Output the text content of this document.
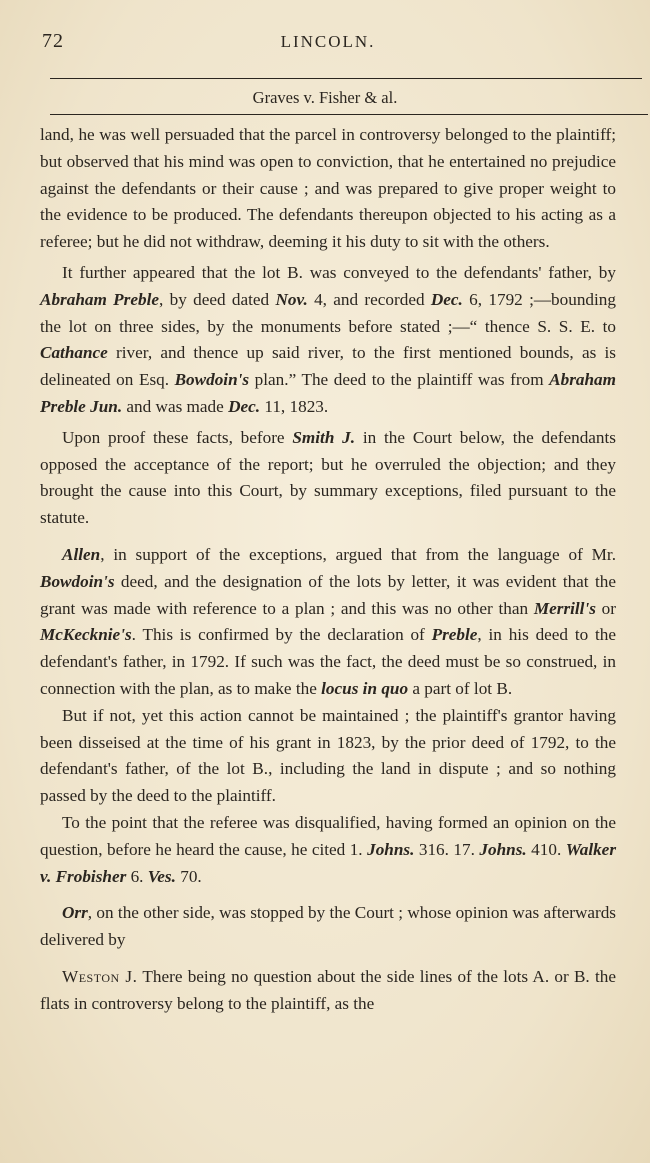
72	LINCOLN.
Graves v. Fisher & al.

land, he was well persuaded that the parcel in controversy belonged to the plaintiff; but observed that his mind was open to conviction, that he entertained no prejudice against the defendants or their cause ; and was prepared to give proper weight to the evidence to be produced. The defendants thereupon objected to his acting as a referee; but he did not withdraw, deeming it his duty to sit with the others.

It further appeared that the lot B. was conveyed to the defendants' father, by Abraham Preble, by deed dated Nov. 4, and recorded Dec. 6, 1792 ;—bounding the lot on three sides, by the monuments before stated ;—“ thence S. S. E. to Cathance river, and thence up said river, to the first mentioned bounds, as is delineated on Esq. Bowdoin's plan.” The deed to the plaintiff was from Abraham Preble Jun. and was made Dec. 11, 1823.

Upon proof these facts, before Smith J. in the Court below, the defendants opposed the acceptance of the report; but he overruled the objection; and they brought the cause into this Court, by summary exceptions, filed pursuant to the statute.

Allen, in support of the exceptions, argued that from the language of Mr. Bowdoin's deed, and the designation of the lots by letter, it was evident that the grant was made with reference to a plan ; and this was no other than Merrill's or McKecknie's. This is confirmed by the declaration of Preble, in his deed to the defendant's father, in 1792. If such was the fact, the deed must be so construed, in connection with the plan, as to make the locus in quo a part of lot B.

But if not, yet this action cannot be maintained ; the plaintiff's grantor having been disseised at the time of his grant in 1823, by the prior deed of 1792, to the defendant's father, of the lot B., including the land in dispute ; and so nothing passed by the deed to the plaintiff.

To the point that the referee was disqualified, having formed an opinion on the question, before he heard the cause, he cited 1. Johns. 316. 17. Johns. 410. Walker v. Frobisher 6. Ves. 70.

Orr, on the other side, was stopped by the Court ; whose opinion was afterwards delivered by

Weston J. There being no question about the side lines of the lots A. or B. the flats in controversy belong to the plaintiff, as the
